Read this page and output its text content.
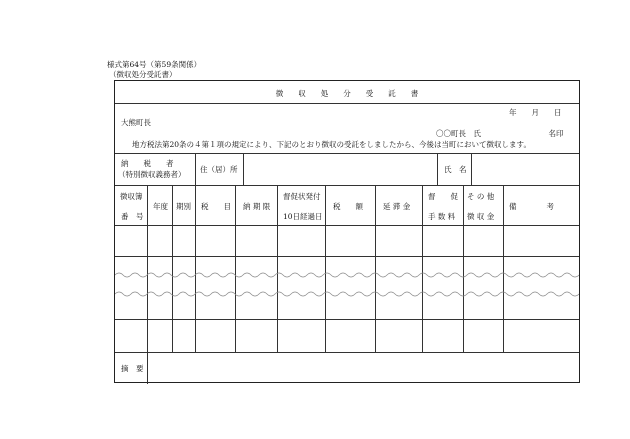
様式第64号（第59条関係）
（徴収処分受託書）
徴　　収　　処　　分　　受　　託　　書
年　　月　　日
大熊町長
〇〇町長　氏　　　　　　　　　名印
地方税法第20条の４第１項の規定により、下記のとおり徴収の受託をしましたから、今後は当町において徴収します。
納　　税　　者
（特別徴収義務者）
住（居）所	氏　名
徴収簿
番　号
年度 期別 税　　目 納 期 限
督促状発付
10日経過日
税　　額	延 滞 金
督　　促
手 数 料
そ の 他
徴 収 金
備　　　　考
摘　要
